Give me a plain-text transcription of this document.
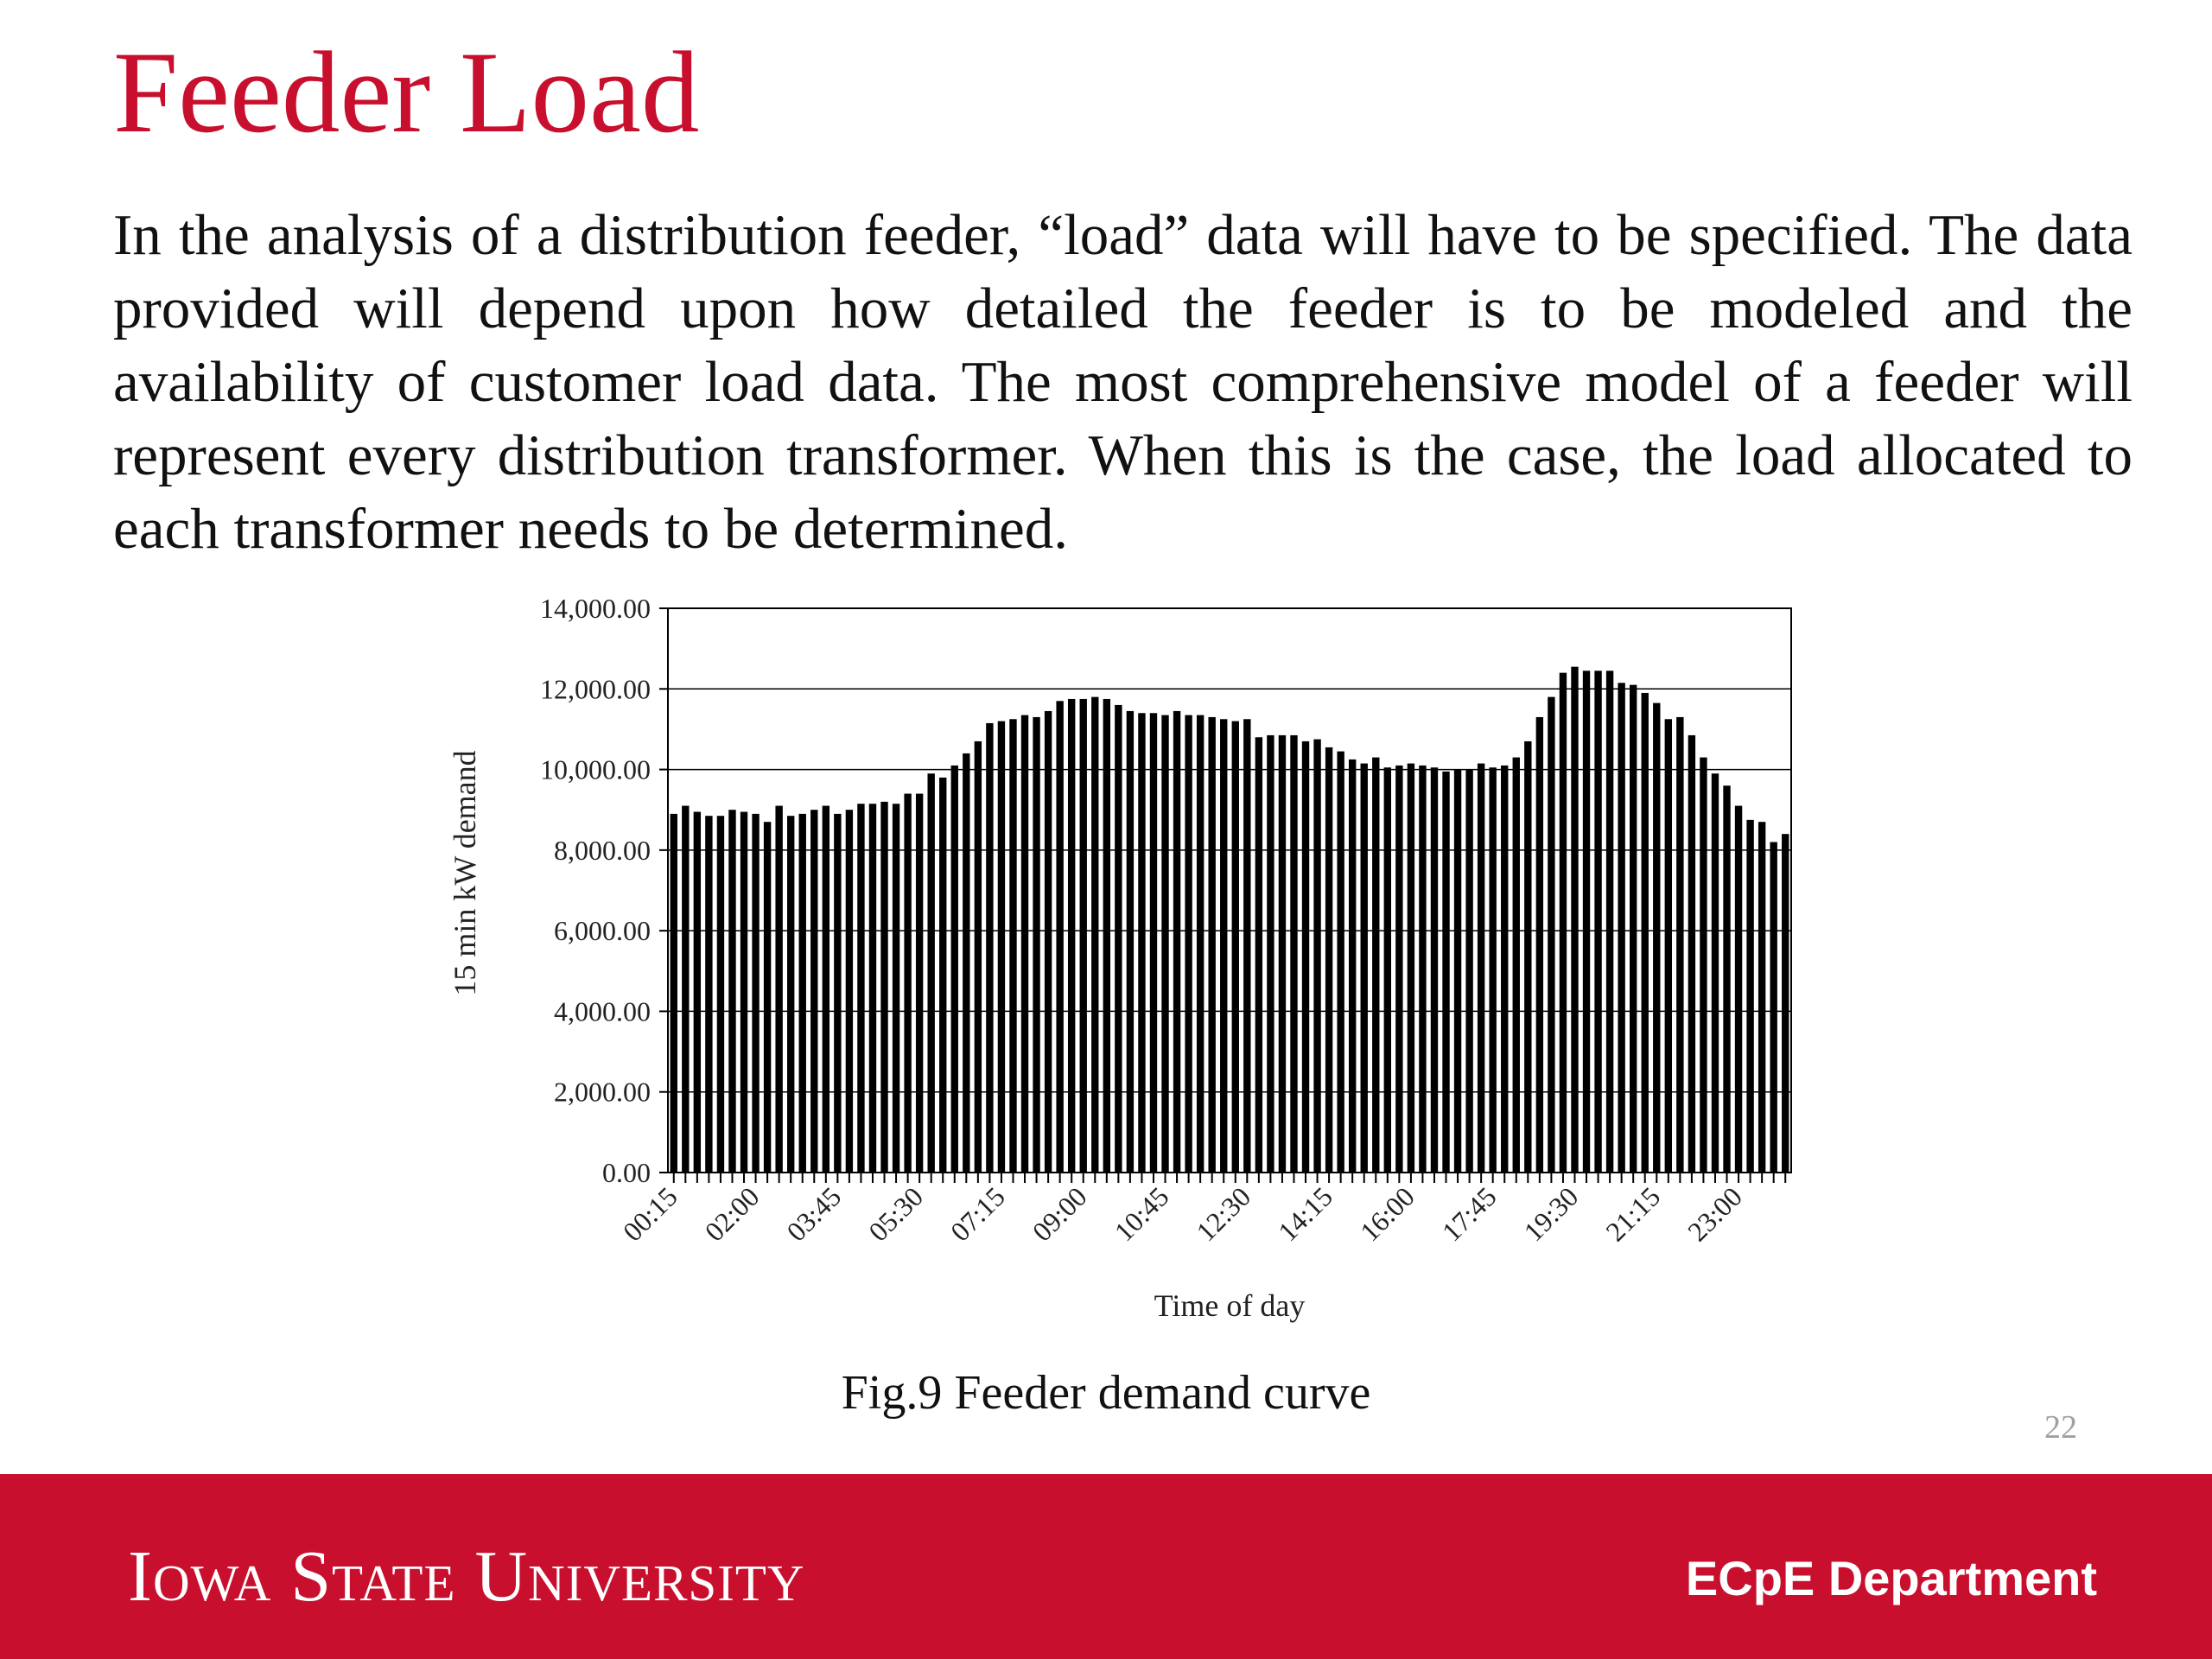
Feeder Load

In the analysis of a distribution feeder, “load” data will have to be specified. The data provided will depend upon how detailed the feeder is to be modeled and the availability of customer load data. The most comprehensive model of a feeder will represent every distribution transformer. When this is the case, the load allocated to each transformer needs to be determined.

0.00
2,000.00
4,000.00
6,000.00
8,000.00
10,000.00
12,000.00
14,000.00
00:15 02:00 03:45 05:30 07:15 09:00 10:45 12:30 14:15 16:00 17:45 19:30 21:15 23:00
Time of day
15 min kW demand
Fig.9 Feeder demand curve
22
Iowa State University	ECpE Department
